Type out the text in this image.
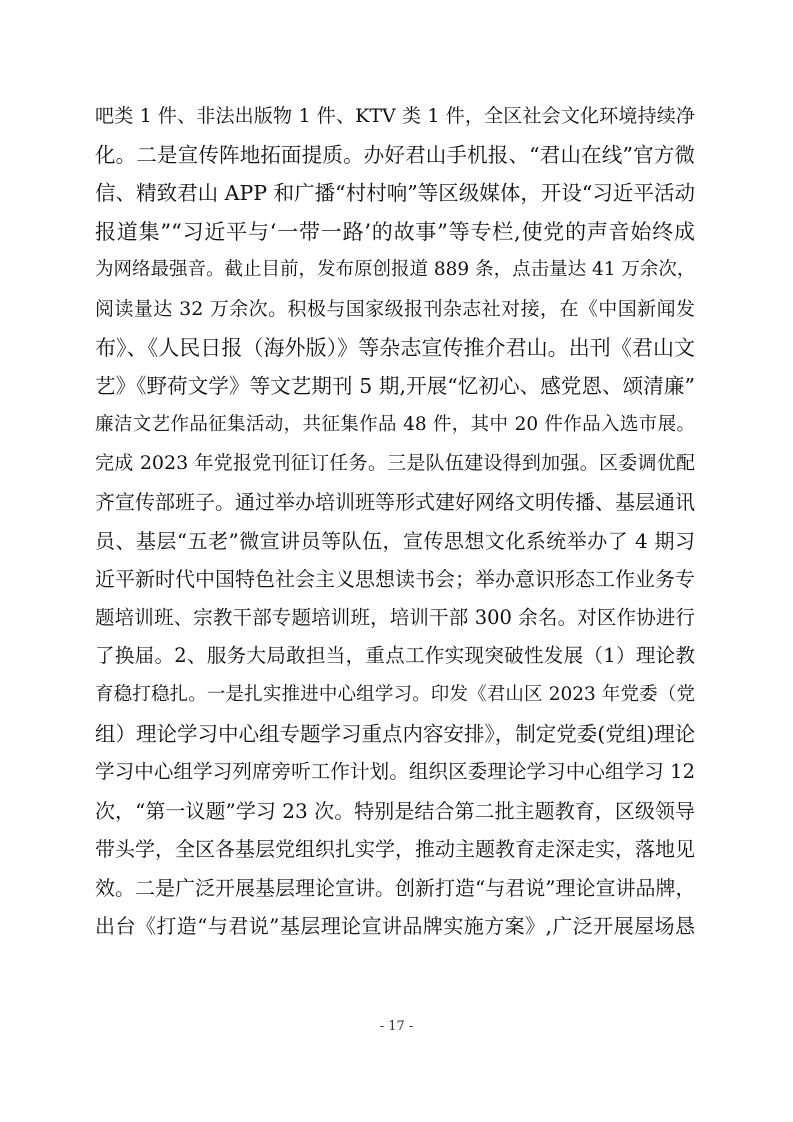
吧类 1 件、非法出版物 1 件、KTV 类 1 件，全区社会文化环境持续净
化。二是宣传阵地拓面提质。办好君山手机报、“君山在线”官方微
信、精致君山 APP 和广播“村村响”等区级媒体，开设“习近平活动
报道集”“习近平与‘一带一路’的故事”等专栏,使党的声音始终成
为网络最强音。截止目前，发布原创报道 889 条，点击量达 41 万余次，
阅读量达 32 万余次。积极与国家级报刊杂志社对接，在《中国新闻发
布》、《人民日报（海外版）》等杂志宣传推介君山。出刊《君山文
艺》《野荷文学》等文艺期刊 5 期,开展“忆初心、感党恩、颂清廉”
廉洁文艺作品征集活动，共征集作品 48 件，其中 20 件作品入选市展。
完成 2023 年党报党刊征订任务。三是队伍建设得到加强。区委调优配
齐宣传部班子。通过举办培训班等形式建好网络文明传播、基层通讯
员、基层“五老”微宣讲员等队伍，宣传思想文化系统举办了 4 期习
近平新时代中国特色社会主义思想读书会；举办意识形态工作业务专
题培训班、宗教干部专题培训班，培训干部 300 余名。对区作协进行
了换届。2、服务大局敢担当，重点工作实现突破性发展（1）理论教
育稳打稳扎。一是扎实推进中心组学习。印发《君山区 2023 年党委（党
组）理论学习中心组专题学习重点内容安排》，制定党委(党组)理论
学习中心组学习列席旁听工作计划。组织区委理论学习中心组学习 12
次，“第一议题”学习 23 次。特别是结合第二批主题教育，区级领导
带头学，全区各基层党组织扎实学，推动主题教育走深走实，落地见
效。二是广泛开展基层理论宣讲。创新打造“与君说”理论宣讲品牌，
出台《打造“与君说”基层理论宣讲品牌实施方案》,广泛开展屋场恳
- 17 -
